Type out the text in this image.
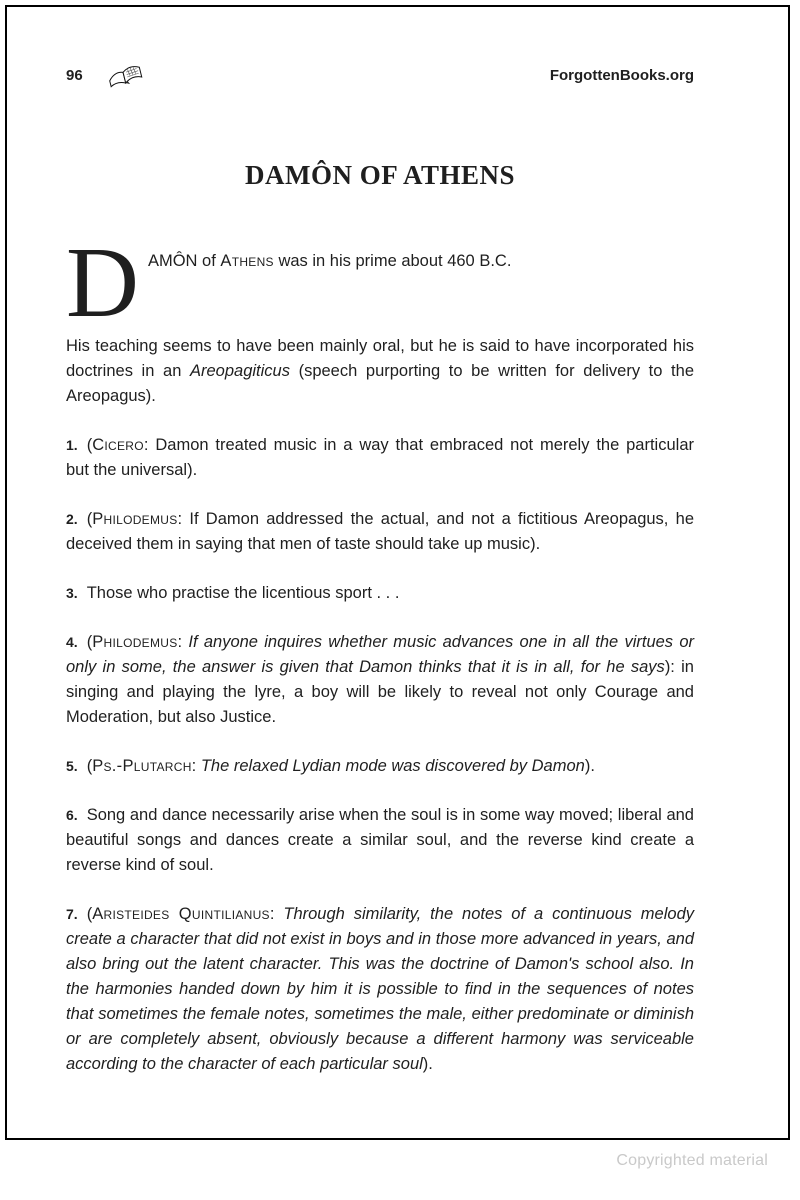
96	ForgottenBooks.org
DAMÔN OF ATHENS
D AMÔN of Athens was in his prime about 460 B.C.

His teaching seems to have been mainly oral, but he is said to have incorporated his doctrines in an Areopagiticus (speech purporting to be written for delivery to the Areopagus).

1. (Cicero: Damon treated music in a way that embraced not merely the particular but the universal).

2. (Philodemus: If Damon addressed the actual, and not a fictitious Areopagus, he deceived them in saying that men of taste should take up music).

3. Those who practise the licentious sport . . .

4. (Philodemus: If anyone inquires whether music advances one in all the virtues or only in some, the answer is given that Damon thinks that it is in all, for he says): in singing and playing the lyre, a boy will be likely to reveal not only Courage and Moderation, but also Justice.

5. (Ps.-Plutarch: The relaxed Lydian mode was discovered by Damon).

6. Song and dance necessarily arise when the soul is in some way moved; liberal and beautiful songs and dances create a similar soul, and the reverse kind create a reverse kind of soul.

7. (Aristeides Quintilianus: Through similarity, the notes of a continuous melody create a character that did not exist in boys and in those more advanced in years, and also bring out the latent character. This was the doctrine of Damon's school also. In the harmonies handed down by him it is possible to find in the sequences of notes that sometimes the female notes, sometimes the male, either predominate or diminish or are completely absent, obviously because a different harmony was serviceable according to the character of each particular soul).

Copyrighted material
